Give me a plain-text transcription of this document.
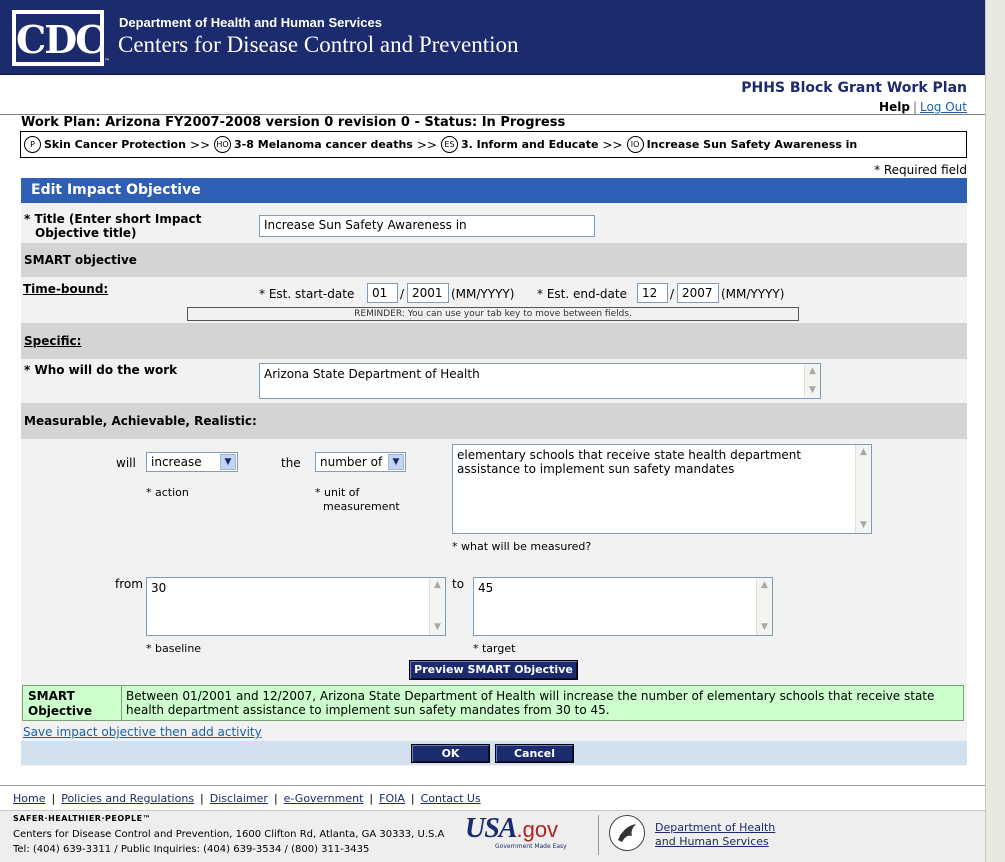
CDC ™
Department of Health and Human Services
Centers for Disease Control and Prevention
PHHS Block Grant Work Plan
Help | Log Out
Work Plan: Arizona FY2007-2008 version 0 revision 0 - Status: In Progress
P Skin Cancer Protection >> HO 3-8 Melanoma cancer deaths >> ES 3. Inform and Educate >>	IO Increase Sun Safety Awareness in
* Required field
Edit Impact Objective
* Title (Enter short Impact
Objective title)
Increase Sun Safety Awareness in
SMART objective
Time-bound:	* Est. start-date	01	/ 2001 (MM/YYYY) * Est. end-date	12	/ 2007 (MM/YYYY)
REMINDER: You can use your tab key to move between fields.
Specific:
* Who will do the work	Arizona State Department of Health	▲
▼
Measurable, Achievable, Realistic:
will	increase	▼
* action
the	number of	▼
* unit of
measurement
elementary schools that receive state health department assistance to implement sun safety mandates
▲
▼
* what will be measured?
from 30	▲
▼
* baseline
to	45	▲
▼
* target
Preview SMART Objective
SMART
Objective
Between 01/2001 and 12/2007, Arizona State Department of Health will increase the number of elementary schools that receive state health department assistance to implement sun safety mandates from 30 to 45.
Save impact objective then add activity
OK	Cancel
Home | Policies and Regulations | Disclaimer | e-Government | FOIA | Contact Us
SAFER·HEALTHIER·PEOPLE™
Centers for Disease Control and Prevention, 1600 Clifton Rd, Atlanta, GA 30333, U.S.A
Tel: (404) 639-3311 / Public Inquiries: (404) 639-3534 / (800) 311-3435
USA.gov
Government Made Easy
Department of Health
and Human Services
